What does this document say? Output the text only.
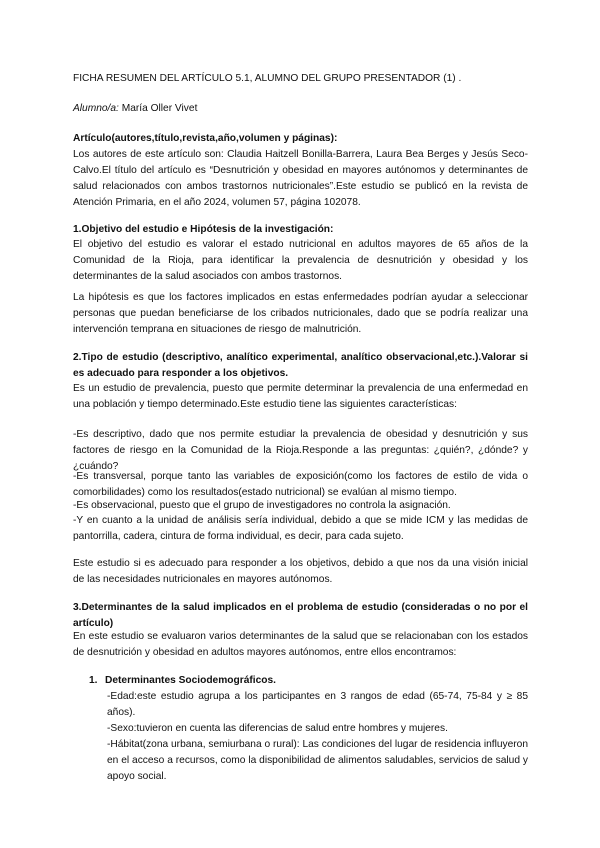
FICHA RESUMEN DEL ARTÍCULO 5.1, ALUMNO DEL GRUPO PRESENTADOR (1) .

Alumno/a: María Oller Vivet

Artículo(autores,título,revista,año,volumen y páginas):

Los autores de este artículo son: Claudia Haitzell Bonilla-Barrera, Laura Bea Berges y Jesús Seco-Calvo.El título del artículo es “Desnutrición y obesidad en mayores autónomos y determinantes de salud relacionados con ambos trastornos nutricionales”.Este estudio se publicó en la revista de Atención Primaria, en el año 2024, volumen 57, página 102078.

1.Objetivo del estudio e Hipótesis de la investigación:

El objetivo del estudio es valorar el estado nutricional en adultos mayores de 65 años de la Comunidad de la Rioja, para identificar la prevalencia de desnutrición y obesidad y los determinantes de la salud asociados con ambos trastornos.

La hipótesis es que los factores implicados en estas enfermedades podrían ayudar a seleccionar personas que puedan beneficiarse de los cribados nutricionales, dado que se podría realizar una intervención temprana en situaciones de riesgo de malnutrición.

2.Tipo de estudio (descriptivo, analítico experimental, analítico observacional,etc.).Valorar si es adecuado para responder a los objetivos.

Es un estudio de prevalencia, puesto que permite determinar la prevalencia de una enfermedad en una población y tiempo determinado.Este estudio tiene las siguientes características:

-Es descriptivo, dado que nos permite estudiar la prevalencia de obesidad y desnutrición y sus factores de riesgo en la Comunidad de la Rioja.Responde a las preguntas: ¿quién?, ¿dónde? y ¿cuándo?

-Es transversal, porque tanto las variables de exposición(como los factores de estilo de vida o comorbilidades) como los resultados(estado nutricional) se evalúan al mismo tiempo.

-Es observacional, puesto que el grupo de investigadores no controla la asignación.

-Y en cuanto a la unidad de análisis sería individual, debido a que se mide ICM y las medidas de pantorrilla, cadera, cintura de forma individual, es decir, para cada sujeto.

Este estudio si es adecuado para responder a los objetivos, debido a que nos da una visión inicial de las necesidades nutricionales en mayores autónomos.

3.Determinantes de la salud implicados en el problema de estudio (consideradas o no por el artículo)

En este estudio se evaluaron varios determinantes de la salud que se relacionaban con los estados de desnutrición y obesidad en adultos mayores autónomos, entre ellos encontramos:

1. Determinantes Sociodemográficos.
-Edad:este estudio agrupa a los participantes en 3 rangos de edad (65-74, 75-84 y ≥ 85 años).
-Sexo:tuvieron en cuenta las diferencias de salud entre hombres y mujeres.
-Hábitat(zona urbana, semiurbana o rural): Las condiciones del lugar de residencia influyeron en el acceso a recursos, como la disponibilidad de alimentos saludables, servicios de salud y apoyo social.
